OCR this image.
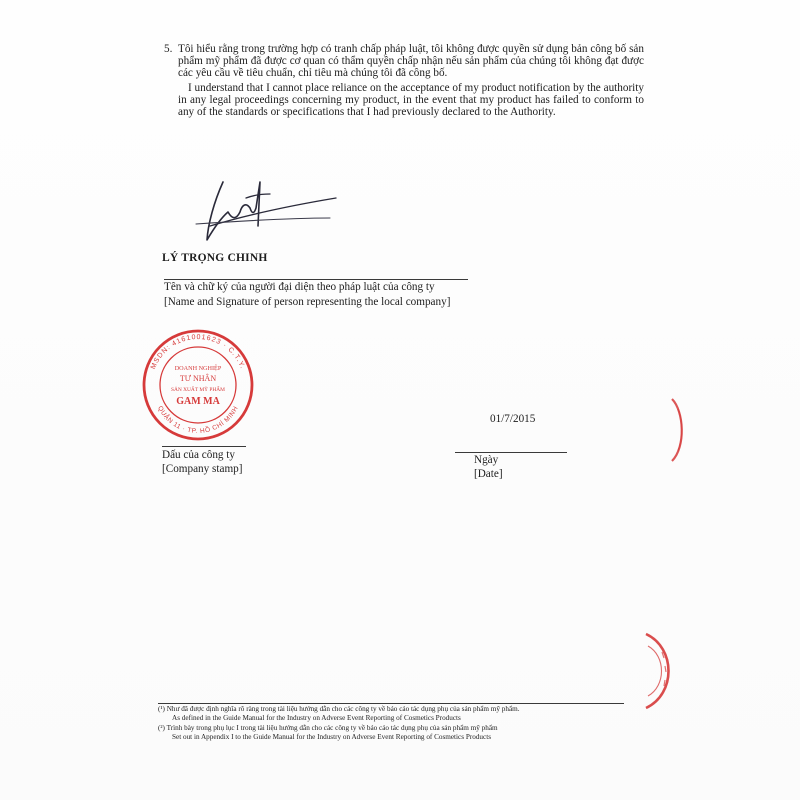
5. Tôi hiểu rằng trong trường hợp có tranh chấp pháp luật, tôi không được quyền sử dụng bản công bố sản phẩm mỹ phẩm đã được cơ quan có thẩm quyền chấp nhận nếu sản phẩm của chúng tôi không đạt được các yêu cầu về tiêu chuẩn, chỉ tiêu mà chúng tôi đã công bố.
I understand that I cannot place reliance on the acceptance of my product notification by the authority in any legal proceedings concerning my product, in the event that my product has failed to conform to any of the standards or specifications that I had previously declared to the Authority.
LÝ TRỌNG CHINH
Tên và chữ ký của người đại diện theo pháp luật của công ty
[Name and Signature of person representing the local company]
MSDN: 4161001623 · C.T.Y.
QUẬN 11 · TP. HỒ CHÍ MINH
DOANH NGHIỆP
TƯ NHÂN
SẢN XUẤT MỸ PHẨM
GAM MA
01/7/2015
Dấu của công ty
[Company stamp]
Ngày
[Date]
(¹) Như đã được định nghĩa rõ ràng trong tài liệu hướng dẫn cho các công ty về báo cáo tác dụng phụ của sản phẩm mỹ phẩm.
As defined in the Guide Manual for the Industry on Adverse Event Reporting of Cosmetics Products
(²) Trình bày trong phụ lục I trong tài liệu hướng dẫn cho các công ty về báo cáo tác dụng phụ của sản phẩm mỹ phẩm
Set out in Appendix I to the Guide Manual for the Industry on Adverse Event Reporting of Cosmetics Products
